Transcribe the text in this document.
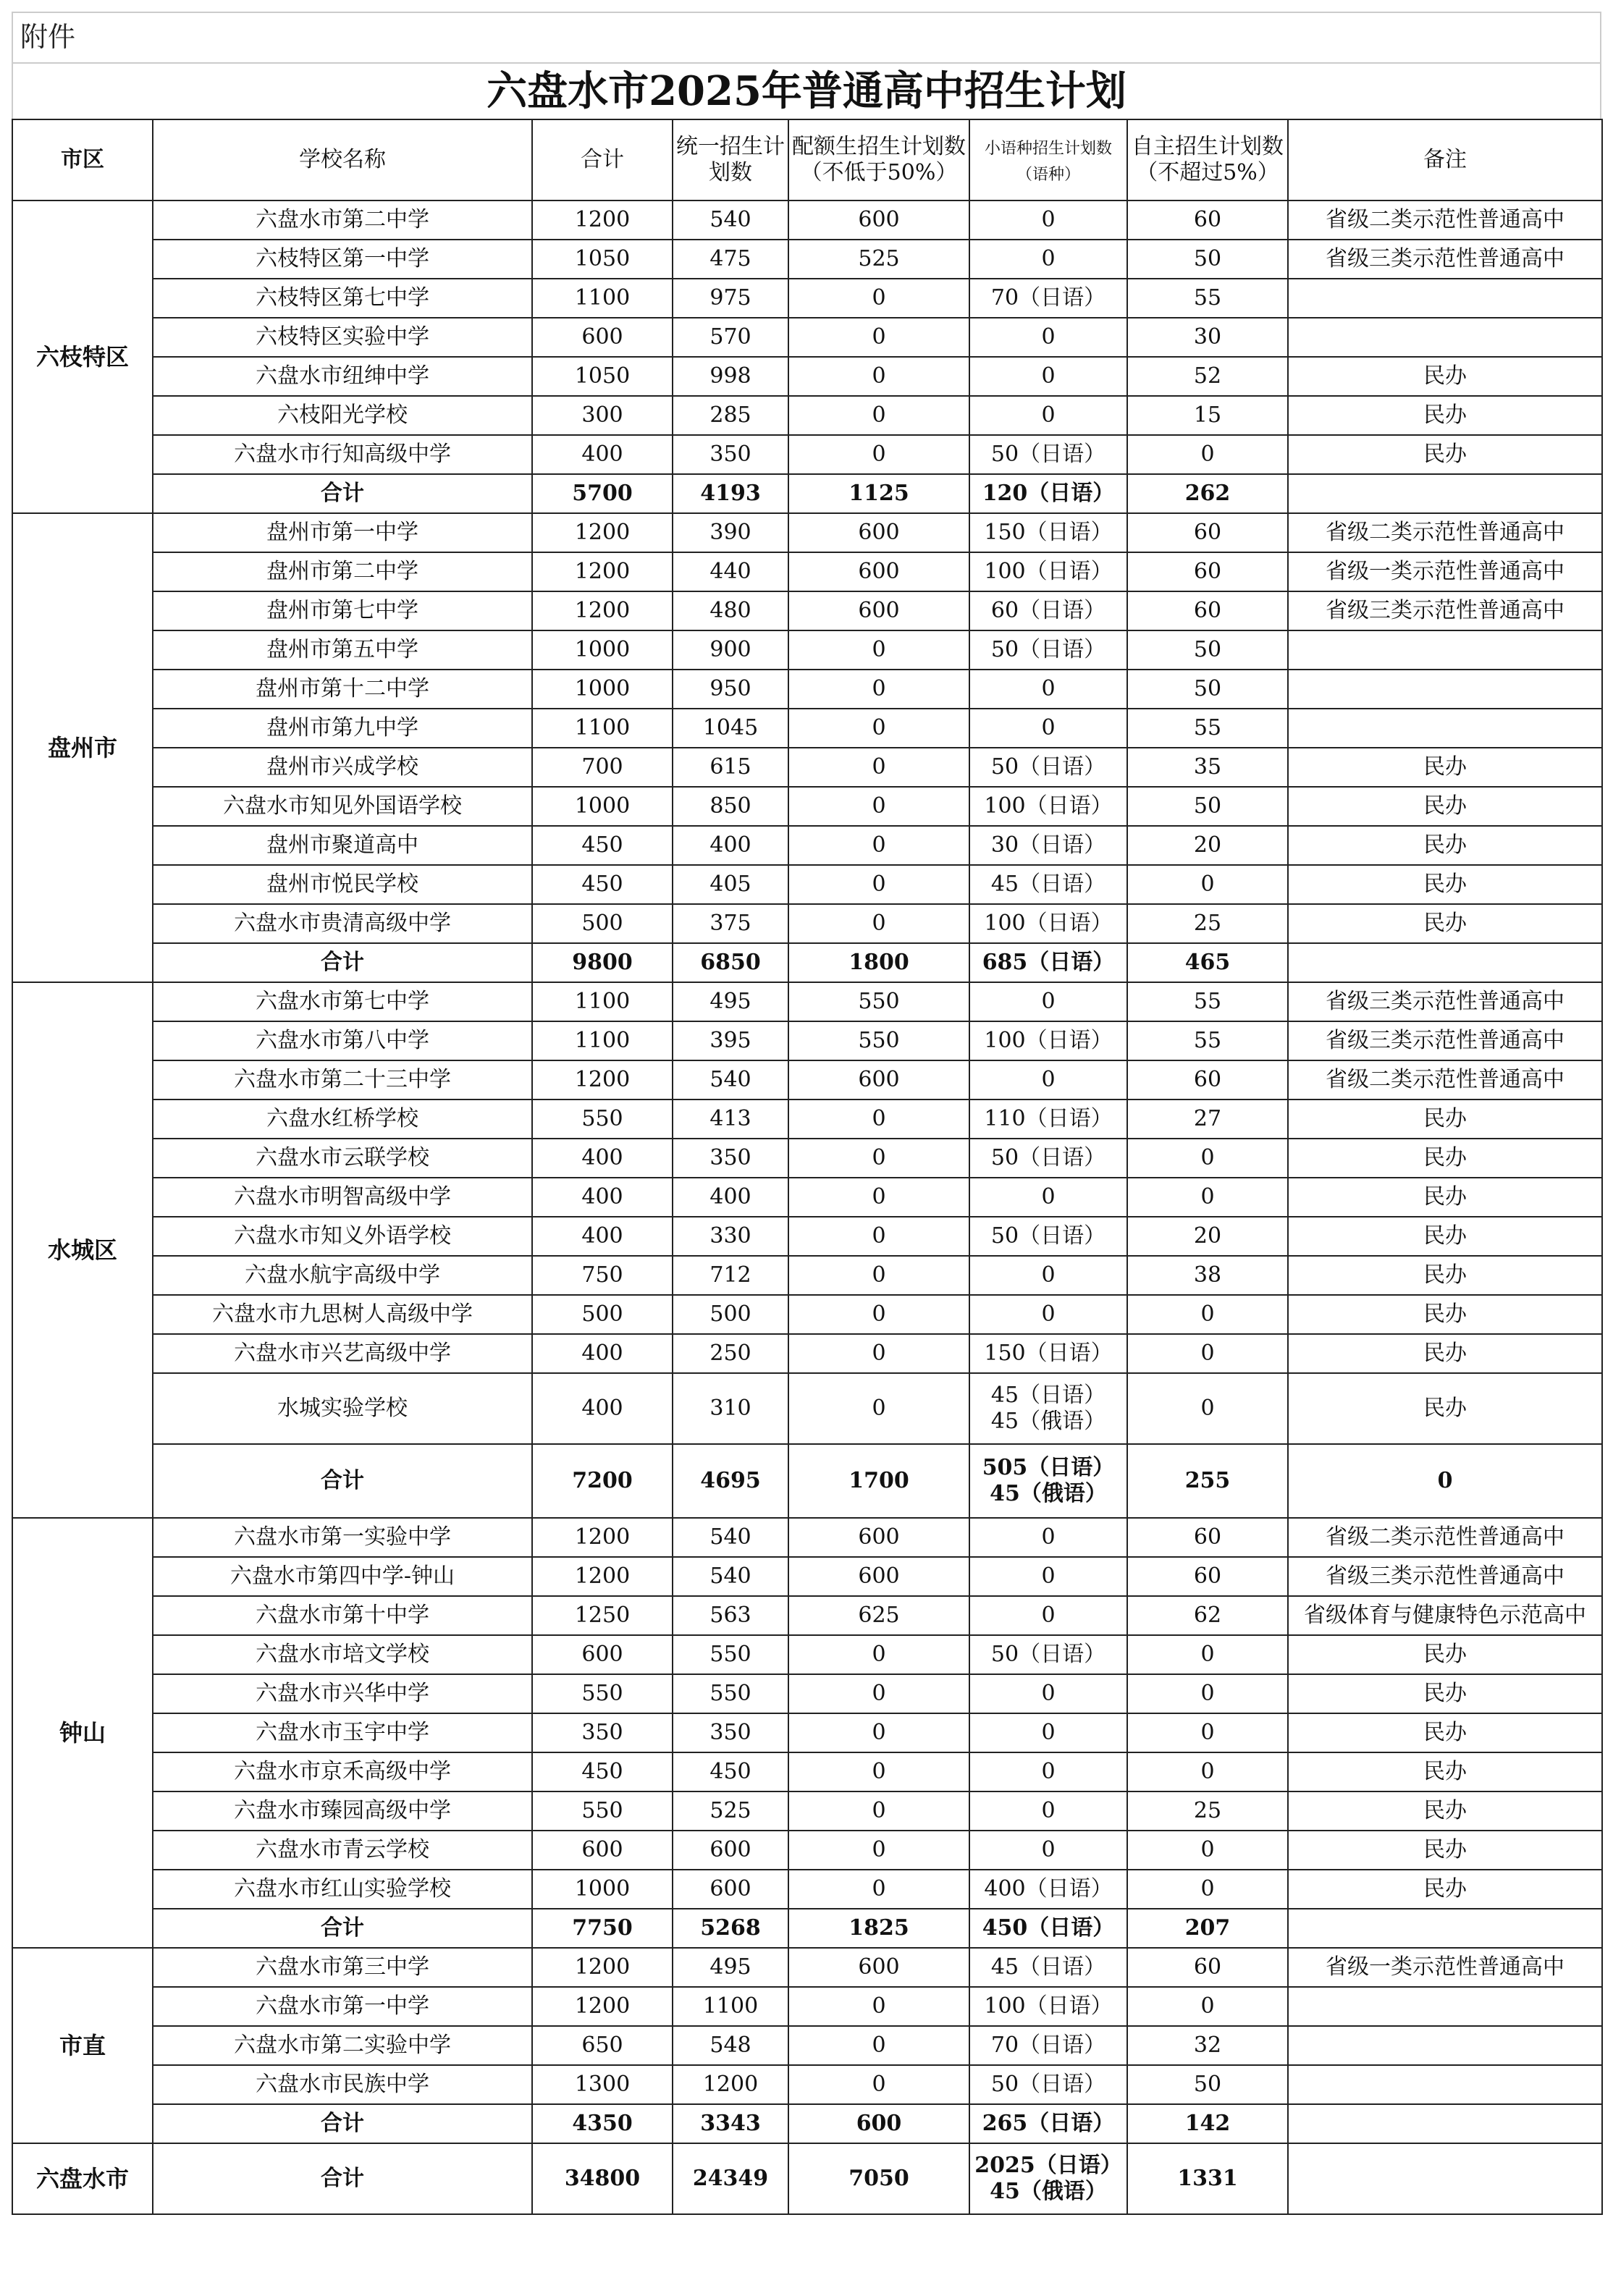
附件
六盘水市2025年普通高中招生计划
市区	学校名称	合计	统一招生计
划数	配额生招生计划数
（不低于50%）	小语种招生计划数
（语种）	自主招生计划数
（不超过5%）	备注
六枝特区	六盘水市第二中学	1200	540	600	0	60	省级二类示范性普通高中
	六枝特区第一中学	1050	475	525	0	50	省级三类示范性普通高中
	六枝特区第七中学	1100	975	0	70（日语）	55	
	六枝特区实验中学	600	570	0	0	30	
	六盘水市纽绅中学	1050	998	0	0	52	民办
	六枝阳光学校	300	285	0	0	15	民办
	六盘水市行知高级中学	400	350	0	50（日语）	0	民办
	合计	5700	4193	1125	120（日语）	262	
盘州市	盘州市第一中学	1200	390	600	150（日语）	60	省级二类示范性普通高中
	盘州市第二中学	1200	440	600	100（日语）	60	省级一类示范性普通高中
	盘州市第七中学	1200	480	600	60（日语）	60	省级三类示范性普通高中
	盘州市第五中学	1000	900	0	50（日语）	50	
	盘州市第十二中学	1000	950	0	0	50	
	盘州市第九中学	1100	1045	0	0	55	
	盘州市兴成学校	700	615	0	50（日语）	35	民办
	六盘水市知见外国语学校	1000	850	0	100（日语）	50	民办
	盘州市聚道高中	450	400	0	30（日语）	20	民办
	盘州市悦民学校	450	405	0	45（日语）	0	民办
	六盘水市贵清高级中学	500	375	0	100（日语）	25	民办
	合计	9800	6850	1800	685（日语）	465	
水城区	六盘水市第七中学	1100	495	550	0	55	省级三类示范性普通高中
	六盘水市第八中学	1100	395	550	100（日语）	55	省级三类示范性普通高中
	六盘水市第二十三中学	1200	540	600	0	60	省级二类示范性普通高中
	六盘水红桥学校	550	413	0	110（日语）	27	民办
	六盘水市云联学校	400	350	0	50（日语）	0	民办
	六盘水市明智高级中学	400	400	0	0	0	民办
	六盘水市知义外语学校	400	330	0	50（日语）	20	民办
	六盘水航宇高级中学	750	712	0	0	38	民办
	六盘水市九思树人高级中学	500	500	0	0	0	民办
	六盘水市兴艺高级中学	400	250	0	150（日语）	0	民办
	水城实验学校	400	310	0	45（日语）
45（俄语）	0	民办
	合计	7200	4695	1700	505（日语）
45（俄语）	255	0
钟山	六盘水市第一实验中学	1200	540	600	0	60	省级二类示范性普通高中
	六盘水市第四中学-钟山	1200	540	600	0	60	省级三类示范性普通高中
	六盘水市第十中学	1250	563	625	0	62	省级体育与健康特色示范高中
	六盘水市培文学校	600	550	0	50（日语）	0	民办
	六盘水市兴华中学	550	550	0	0	0	民办
	六盘水市玉宇中学	350	350	0	0	0	民办
	六盘水市京禾高级中学	450	450	0	0	0	民办
	六盘水市臻园高级中学	550	525	0	0	25	民办
	六盘水市青云学校	600	600	0	0	0	民办
	六盘水市红山实验学校	1000	600	0	400（日语）	0	民办
	合计	7750	5268	1825	450（日语）	207	
市直	六盘水市第三中学	1200	495	600	45（日语）	60	省级一类示范性普通高中
	六盘水市第一中学	1200	1100	0	100（日语）	0	
	六盘水市第二实验中学	650	548	0	70（日语）	32	
	六盘水市民族中学	1300	1200	0	50（日语）	50	
	合计	4350	3343	600	265（日语）	142	
六盘水市	合计	34800	24349	7050	2025（日语）
45（俄语）	1331	
